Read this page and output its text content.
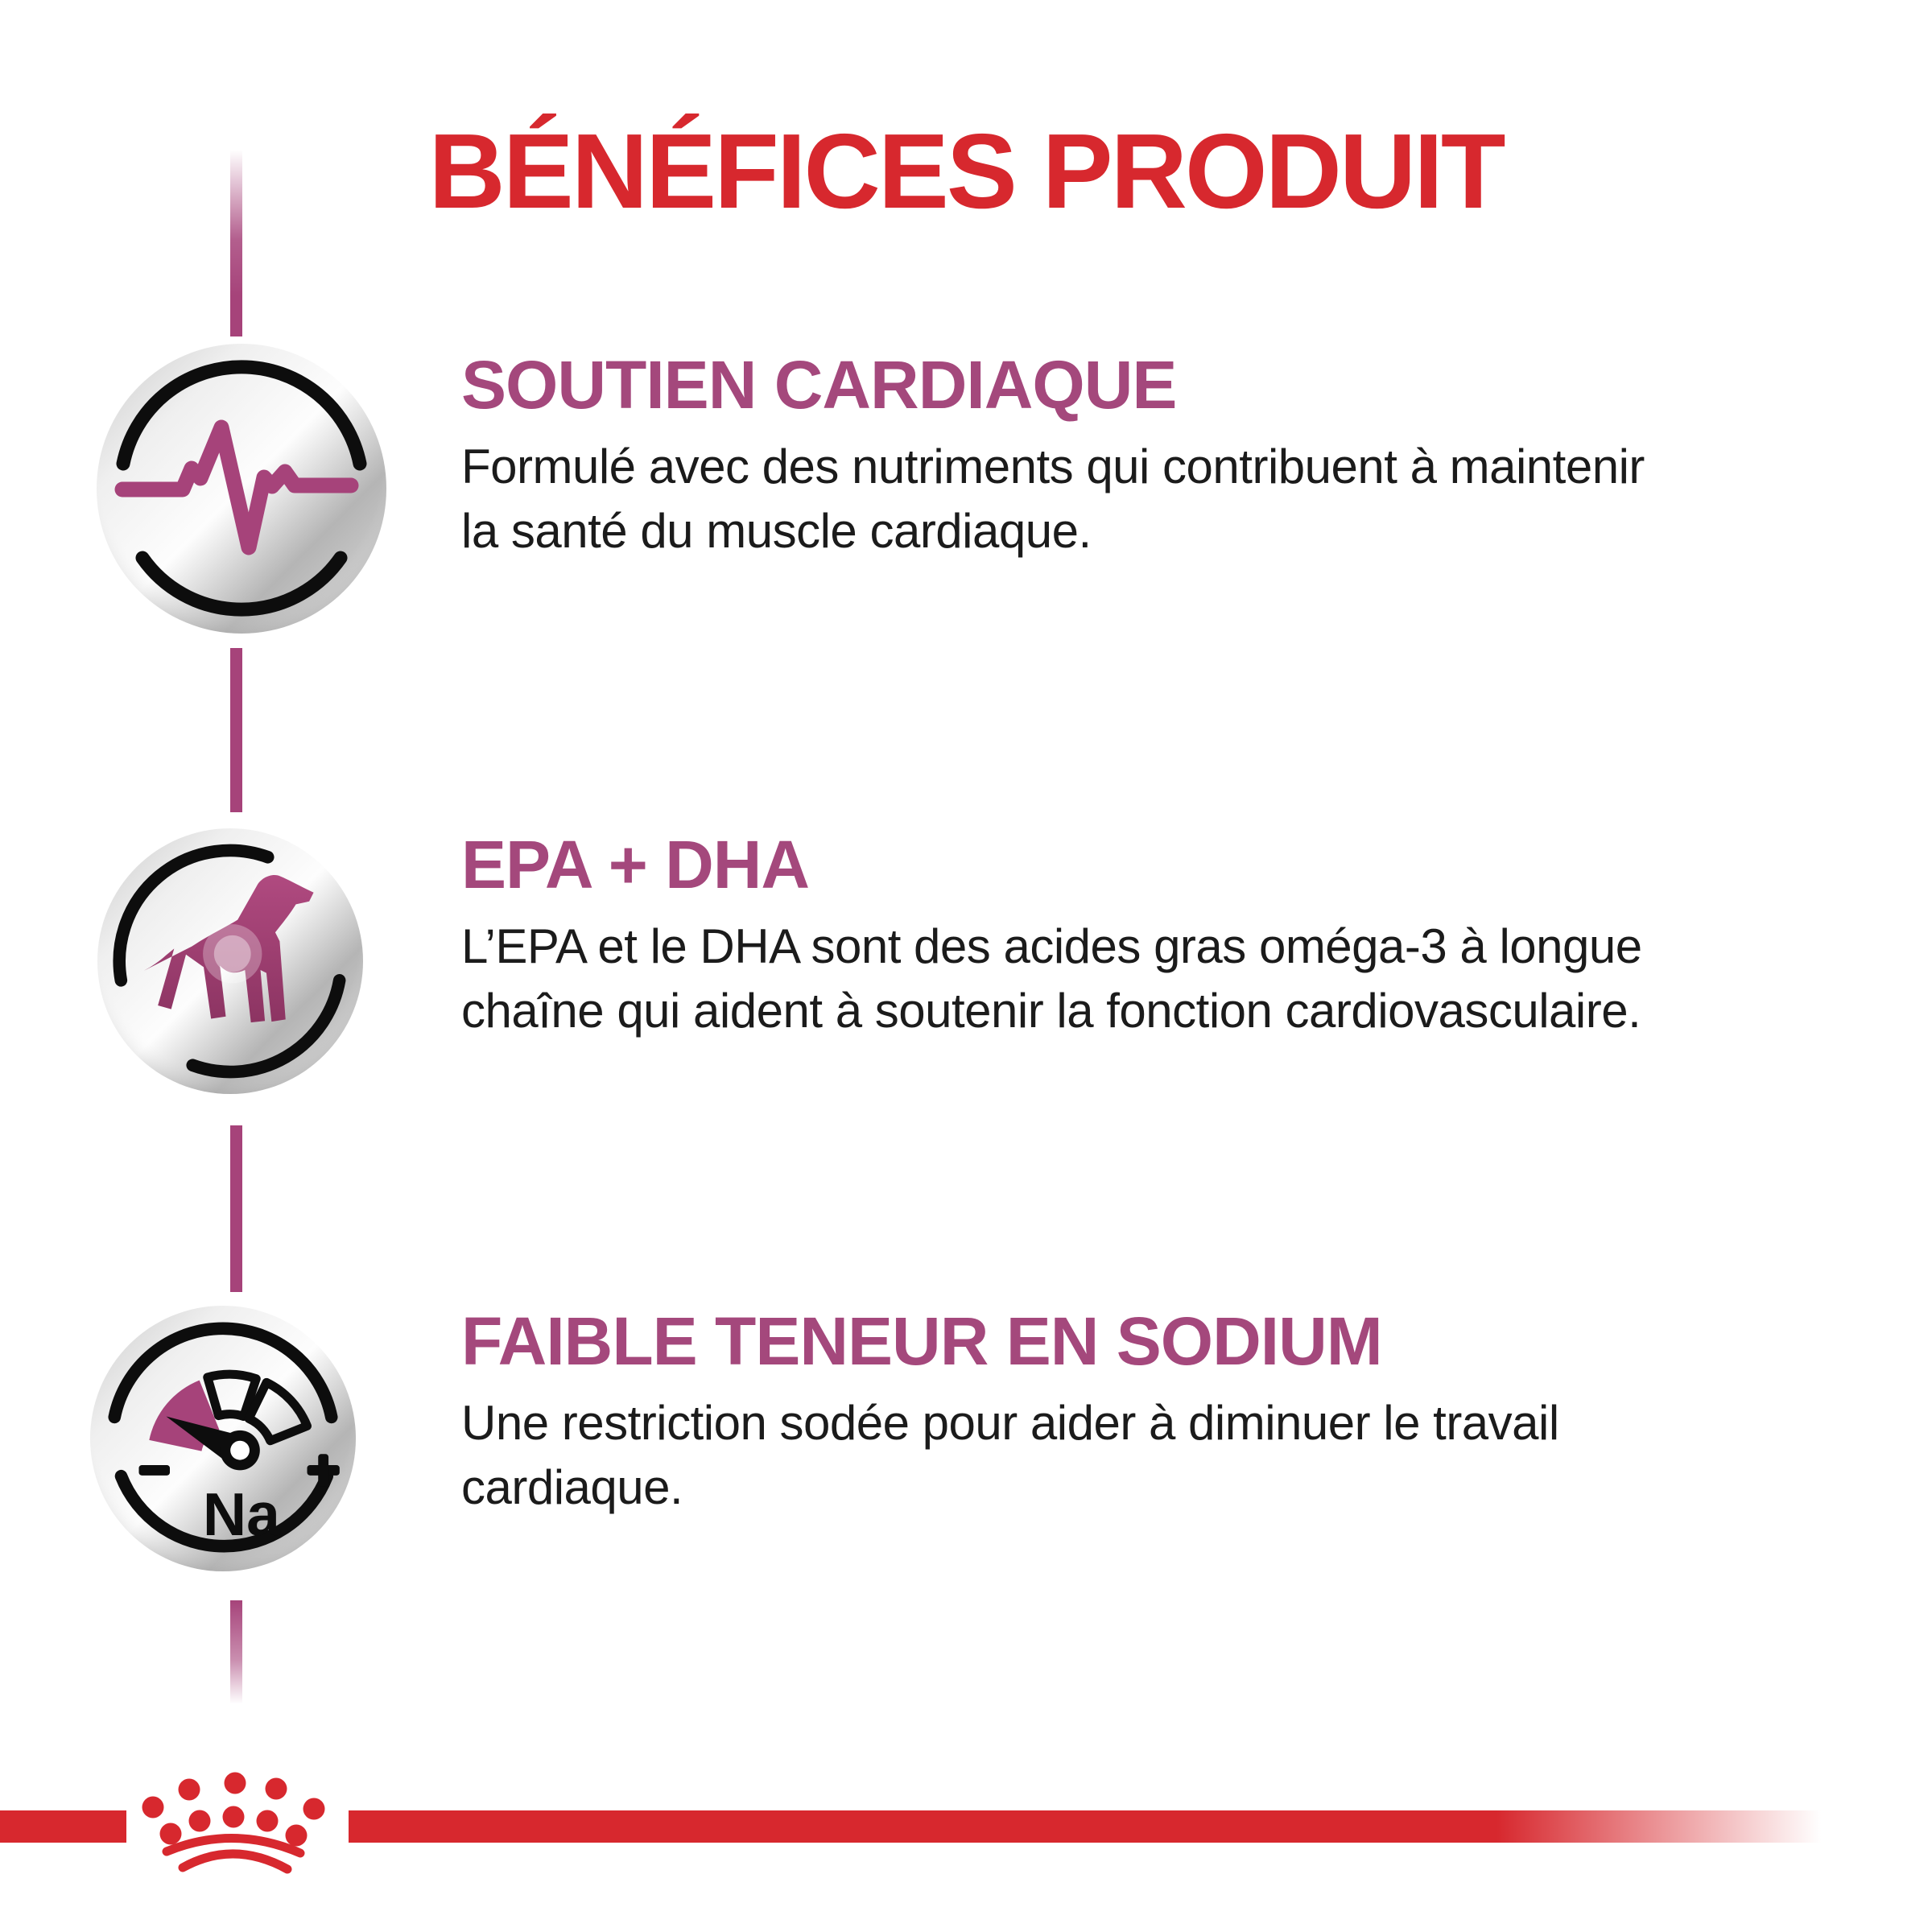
BÉNÉFICES PRODUIT
Na
SOUTIEN CARDIAQUE
Formulé avec des nutriments qui contribuent à maintenir
la santé du muscle cardiaque.
EPA + DHA
L’EPA et le DHA sont des acides gras oméga-3 à longue
chaîne qui aident à soutenir la fonction cardiovasculaire.
FAIBLE TENEUR EN SODIUM
Une restriction sodée pour aider à diminuer le travail
cardiaque.
